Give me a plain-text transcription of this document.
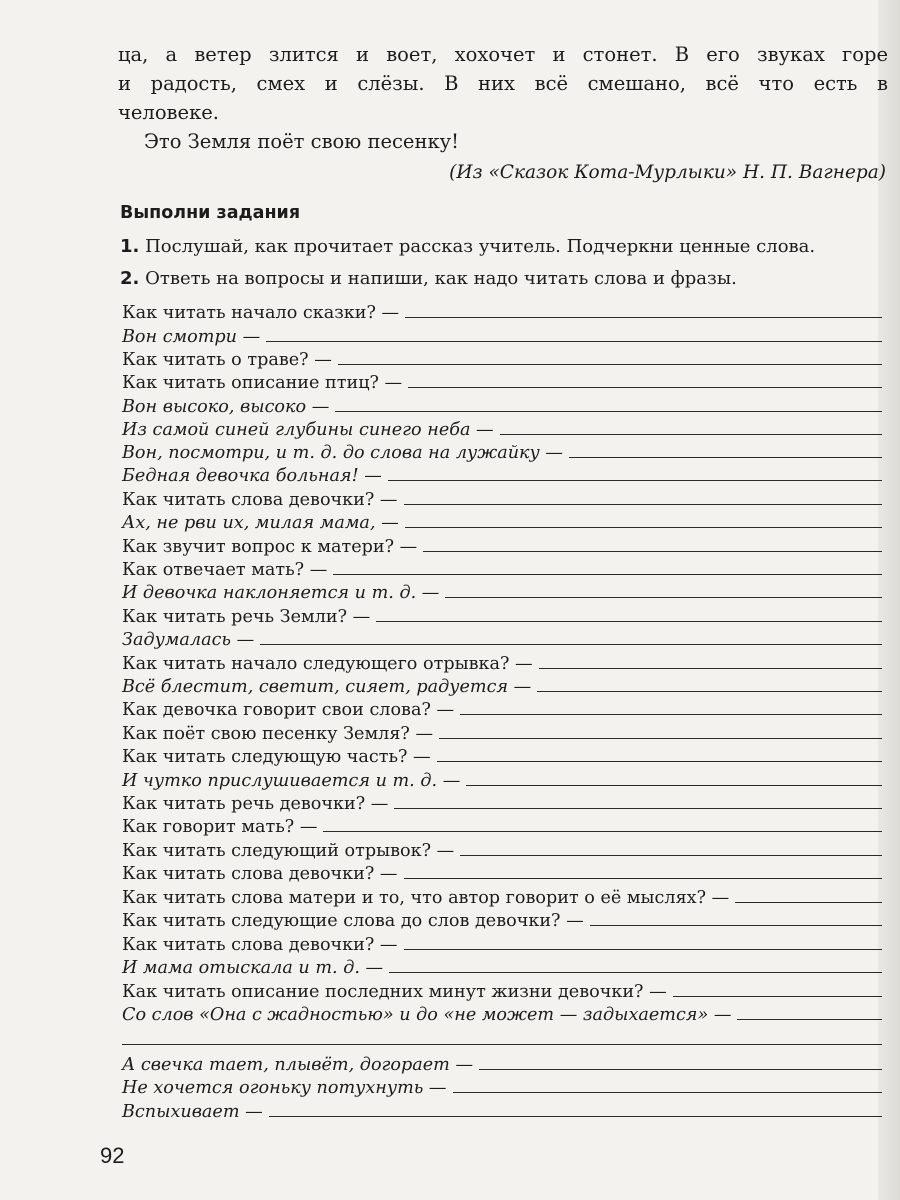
ца, а ветер злится и воет, хохочет и стонет. В его звуках горе
и радость, смех и слёзы. В них всё смешано, всё что есть в
человеке.
Это Земля поёт свою песенку!
(Из «Сказок Кота-Мурлыки» Н. П. Вагнера)
Выполни задания
1. Послушай, как прочитает рассказ учитель. Подчеркни ценные слова.
2. Ответь на вопросы и напиши, как надо читать слова и фразы.
Как читать начало сказки? —
Вон смотри —
Как читать о траве? —
Как читать описание птиц? —
Вон высоко, высоко —
Из самой синей глубины синего неба —
Вон, посмотри, и т. д. до слова на лужайку —
Бедная девочка больная! —
Как читать слова девочки? —
Ах, не рви их, милая мама, —
Как звучит вопрос к матери? —
Как отвечает мать? —
И девочка наклоняется и т. д. —
Как читать речь Земли? —
Задумалась —
Как читать начало следующего отрывка? —
Всё блестит, светит, сияет, радуется —
Как девочка говорит свои слова? —
Как поёт свою песенку Земля? —
Как читать следующую часть? —
И чутко прислушивается и т. д. —
Как читать речь девочки? —
Как говорит мать? —
Как читать следующий отрывок? —
Как читать слова девочки? —
Как читать слова матери и то, что автор говорит о её мыслях? —
Как читать следующие слова до слов девочки? —
Как читать слова девочки? —
И мама отыскала и т. д. —
Как читать описание последних минут жизни девочки? —
Со слов «Она с жадностью» и до «не может — задыхается» —
А свечка тает, плывёт, догорает —
Не хочется огоньку потухнуть —
Вспыхивает —
92
